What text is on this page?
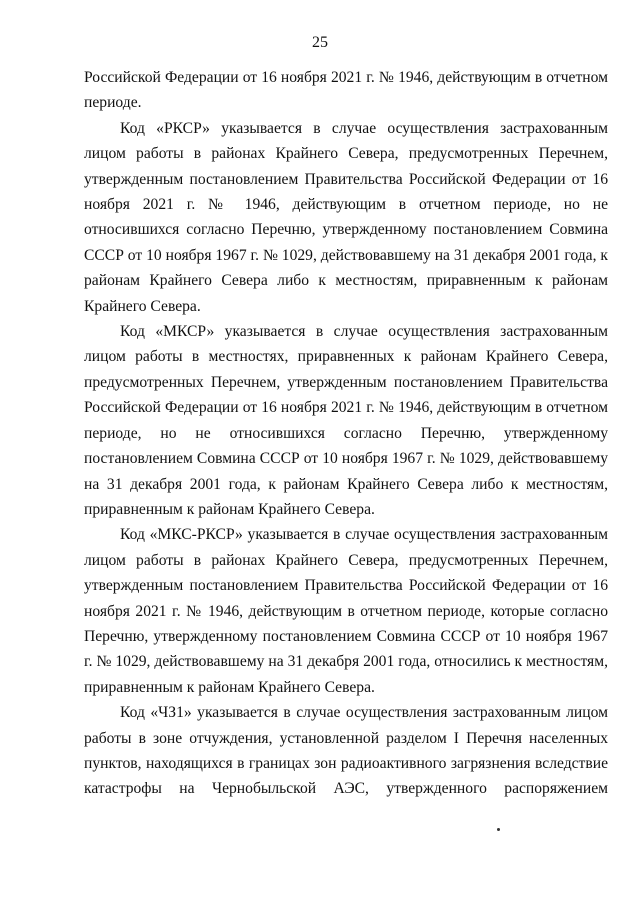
25

Российской Федерации от 16 ноября 2021 г. № 1946, действующим в отчетном периоде.

Код «РКСР» указывается в случае осуществления застрахованным лицом работы в районах Крайнего Севера, предусмотренных Перечнем, утвержденным постановлением Правительства Российской Федерации от 16 ноября 2021 г. № 1946, действующим в отчетном периоде, но не относившихся согласно Перечню, утвержденному постановлением Совмина СССР от 10 ноября 1967 г. № 1029, действовавшему на 31 декабря 2001 года, к районам Крайнего Севера либо к местностям, приравненным к районам Крайнего Севера.

Код «МКСР» указывается в случае осуществления застрахованным лицом работы в местностях, приравненных к районам Крайнего Севера, предусмотренных Перечнем, утвержденным постановлением Правительства Российской Федерации от 16 ноября 2021 г. № 1946, действующим в отчетном периоде, но не относившихся согласно Перечню, утвержденному постановлением Совмина СССР от 10 ноября 1967 г. № 1029, действовавшему на 31 декабря 2001 года, к районам Крайнего Севера либо к местностям, приравненным к районам Крайнего Севера.

Код «МКС-РКСР» указывается в случае осуществления застрахованным лицом работы в районах Крайнего Севера, предусмотренных Перечнем, утвержденным постановлением Правительства Российской Федерации от 16 ноября 2021 г. № 1946, действующим в отчетном периоде, которые согласно Перечню, утвержденному постановлением Совмина СССР от 10 ноября 1967 г. № 1029, действовавшему на 31 декабря 2001 года, относились к местностям, приравненным к районам Крайнего Севера.

Код «ЧЗ1» указывается в случае осуществления застрахованным лицом работы в зоне отчуждения, установленной разделом I Перечня населенных пунктов, находящихся в границах зон радиоактивного загрязнения вследствие катастрофы на Чернобыльской АЭС, утвержденного распоряжением
